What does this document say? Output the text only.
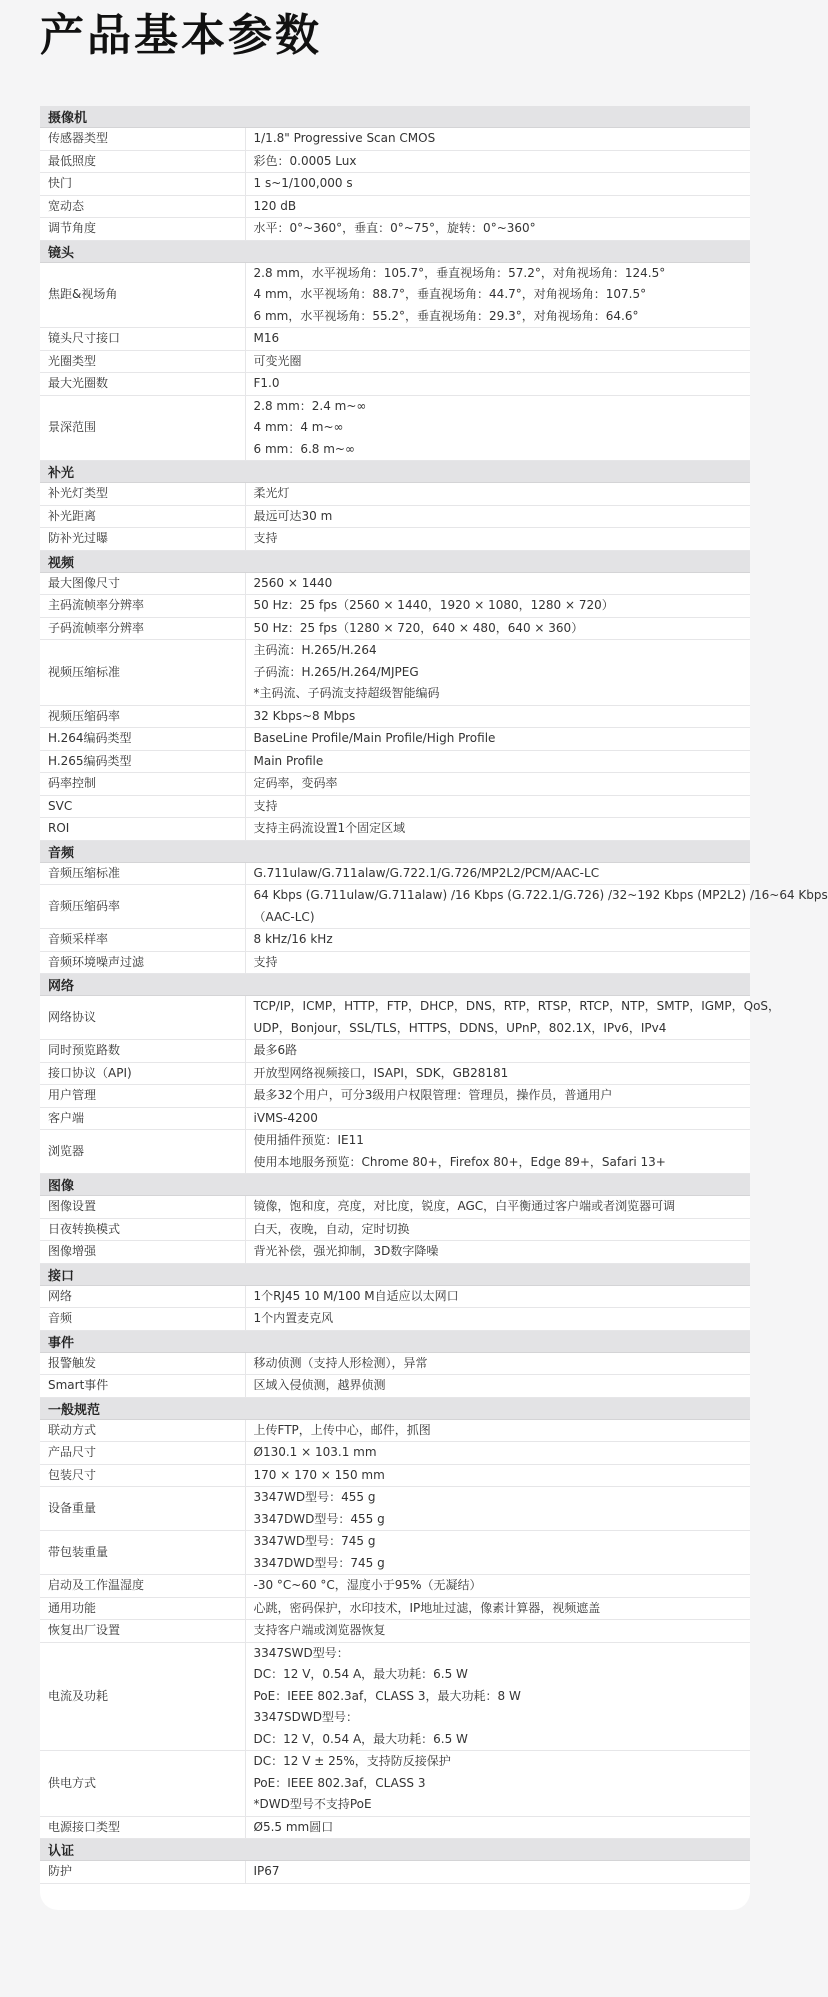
产品基本参数
摄像机	
传感器类型	1/1.8" Progressive Scan CMOS

最低照度	彩色：0.0005 Lux

快门	1 s~1/100,000 s

宽动态	120 dB

调节角度	水平：0°~360°，垂直：0°~75°，旋转：0°~360°

镜头	
焦距&视场角	2.8 mm，水平视场角：105.7°，垂直视场角：57.2°，对角视场角：124.5°
4 mm，水平视场角：88.7°，垂直视场角：44.7°，对角视场角：107.5°
6 mm，水平视场角：55.2°，垂直视场角：29.3°，对角视场角：64.6°

镜头尺寸接口	M16

光圈类型	可变光圈

最大光圈数	F1.0

景深范围	2.8 mm：2.4 m~∞
4 mm：4 m~∞
6 mm：6.8 m~∞

补光	
补光灯类型	柔光灯

补光距离	最远可达30 m

防补光过曝	支持

视频	
最大图像尺寸	2560 × 1440

主码流帧率分辨率	50 Hz：25 fps（2560 × 1440，1920 × 1080，1280 × 720）

子码流帧率分辨率	50 Hz：25 fps（1280 × 720，640 × 480，640 × 360）

视频压缩标准	主码流：H.265/H.264
子码流：H.265/H.264/MJPEG
*主码流、子码流支持超级智能编码

视频压缩码率	32 Kbps~8 Mbps

H.264编码类型	BaseLine Profile/Main Profile/High Profile

H.265编码类型	Main Profile

码率控制	定码率，变码率

SVC	支持

ROI	支持主码流设置1个固定区域

音频	
音频压缩标准	G.711ulaw/G.711alaw/G.722.1/G.726/MP2L2/PCM/AAC-LC

音频压缩码率	64 Kbps (G.711ulaw/G.711alaw) /16 Kbps (G.722.1/G.726) /32~192 Kbps (MP2L2) /16~64 Kbps
（AAC-LC)

音频采样率	8 kHz/16 kHz

音频环境噪声过滤	支持

网络	
网络协议	TCP/IP，ICMP，HTTP，FTP，DHCP，DNS，RTP，RTSP，RTCP，NTP，SMTP，IGMP，QoS，
UDP，Bonjour，SSL/TLS，HTTPS，DDNS，UPnP，802.1X，IPv6，IPv4

同时预览路数	最多6路

接口协议（API)	开放型网络视频接口，ISAPI，SDK，GB28181

用户管理	最多32个用户，可分3级用户权限管理：管理员，操作员，普通用户

客户端	iVMS-4200

浏览器	使用插件预览：IE11
使用本地服务预览：Chrome 80+，Firefox 80+，Edge 89+，Safari 13+

图像	
图像设置	镜像，饱和度，亮度，对比度，锐度，AGC，白平衡通过客户端或者浏览器可调

日夜转换模式	白天，夜晚，自动，定时切换

图像增强	背光补偿，强光抑制，3D数字降噪

接口	
网络	1个RJ45 10 M/100 M自适应以太网口

音频	1个内置麦克风

事件	
报警触发	移动侦测（支持人形检测），异常

Smart事件	区域入侵侦测，越界侦测

一般规范	
联动方式	上传FTP，上传中心，邮件，抓图

产品尺寸	Ø130.1 × 103.1 mm

包装尺寸	170 × 170 × 150 mm

设备重量	3347WD型号：455 g
3347DWD型号：455 g

带包装重量	3347WD型号：745 g
3347DWD型号：745 g

启动及工作温湿度	-30 °C~60 °C，湿度小于95%（无凝结）

通用功能	心跳，密码保护，水印技术，IP地址过滤，像素计算器，视频遮盖

恢复出厂设置	支持客户端或浏览器恢复

电流及功耗	3347SWD型号：
DC：12 V，0.54 A，最大功耗：6.5 W
PoE：IEEE 802.3af，CLASS 3，最大功耗：8 W
3347SDWD型号：
DC：12 V，0.54 A，最大功耗：6.5 W

供电方式	DC：12 V ± 25%，支持防反接保护
PoE：IEEE 802.3af，CLASS 3
*DWD型号不支持PoE

电源接口类型	Ø5.5 mm圆口

认证	
防护	IP67
